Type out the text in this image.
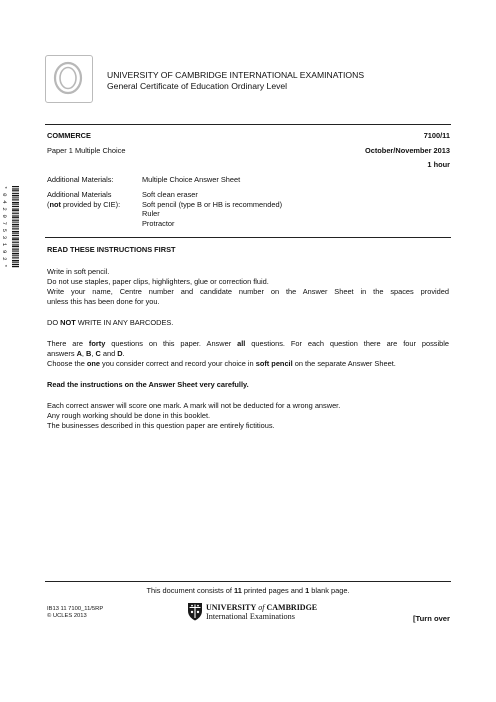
UNIVERSITY OF CAMBRIDGE INTERNATIONAL EXAMINATIONS
General Certificate of Education Ordinary Level
COMMERCE	7100/11
Paper 1 Multiple Choice	October/November 2013
1 hour
Additional Materials:	Multiple Choice Answer Sheet
Additional Materials
(not provided by CIE):
Soft clean eraser
Soft pencil (type B or HB is recommended)
Ruler
Protractor
* 0 4 2 0 7 5 3 1 9 2 *	READ THESE INSTRUCTIONS FIRST
Write in soft pencil.
Do not use staples, paper clips, highlighters, glue or correction fluid.
Write your name, Centre number and candidate number on the Answer Sheet in the spaces provided
unless this has been done for you.
DO NOT WRITE IN ANY BARCODES.
There are forty questions on this paper. Answer all questions. For each question there are four possible
answers A, B, C and D.
Choose the one you consider correct and record your choice in soft pencil on the separate Answer Sheet.
Read the instructions on the Answer Sheet very carefully.
Each correct answer will score one mark. A mark will not be deducted for a wrong answer.
Any rough working should be done in this booklet.
The businesses described in this question paper are entirely fictitious.
This document consists of 11 printed pages and 1 blank page.
IB13 11 7100_11/5RP
© UCLES 2013
UNIVERSITY of CAMBRIDGE
International Examinations	[Turn over
